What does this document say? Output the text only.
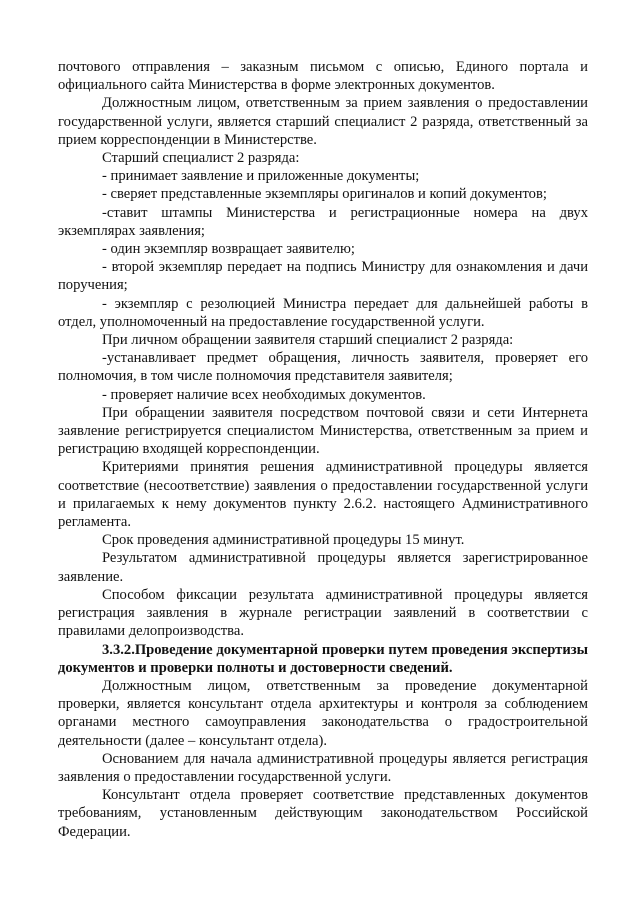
почтового отправления – заказным письмом с описью, Единого портала и официального сайта Министерства в форме электронных документов.

Должностным лицом, ответственным за прием заявления о предоставлении государственной услуги, является старший специалист 2 разряда, ответственный за прием корреспонденции в Министерстве.

Старший специалист 2 разряда:

- принимает заявление и приложенные документы;

- сверяет представленные экземпляры оригиналов и копий документов;

-ставит штампы Министерства и регистрационные номера на двух экземплярах заявления;

- один экземпляр возвращает заявителю;

- второй экземпляр передает на подпись Министру для ознакомления и дачи поручения;

- экземпляр с резолюцией Министра передает для дальнейшей работы в отдел, уполномоченный на предоставление государственной услуги.

При личном обращении заявителя старший специалист 2 разряда:

-устанавливает предмет обращения, личность заявителя, проверяет его полномочия, в том числе полномочия представителя заявителя;

- проверяет наличие всех необходимых документов.

При обращении заявителя посредством почтовой связи и сети Интернета заявление регистрируется специалистом Министерства, ответственным за прием и регистрацию входящей корреспонденции.

Критериями принятия решения административной процедуры является соответствие (несоответствие) заявления о предоставлении государственной услуги и прилагаемых к нему документов пункту 2.6.2. настоящего Административного регламента.

Срок проведения административной процедуры 15 минут.

Результатом административной процедуры является зарегистрированное заявление.

Способом фиксации результата административной процедуры является регистрация заявления в журнале регистрации заявлений в соответствии с правилами делопроизводства.

3.3.2.Проведение документарной проверки путем проведения экспертизы документов и проверки полноты и достоверности сведений.

Должностным лицом, ответственным за проведение документарной проверки, является консультант отдела архитектуры и контроля за соблюдением органами местного самоуправления законодательства о градостроительной деятельности (далее – консультант отдела).

Основанием для начала административной процедуры является регистрация заявления о предоставлении государственной услуги.

Консультант отдела проверяет соответствие представленных документов требованиям, установленным действующим законодательством Российской Федерации.
